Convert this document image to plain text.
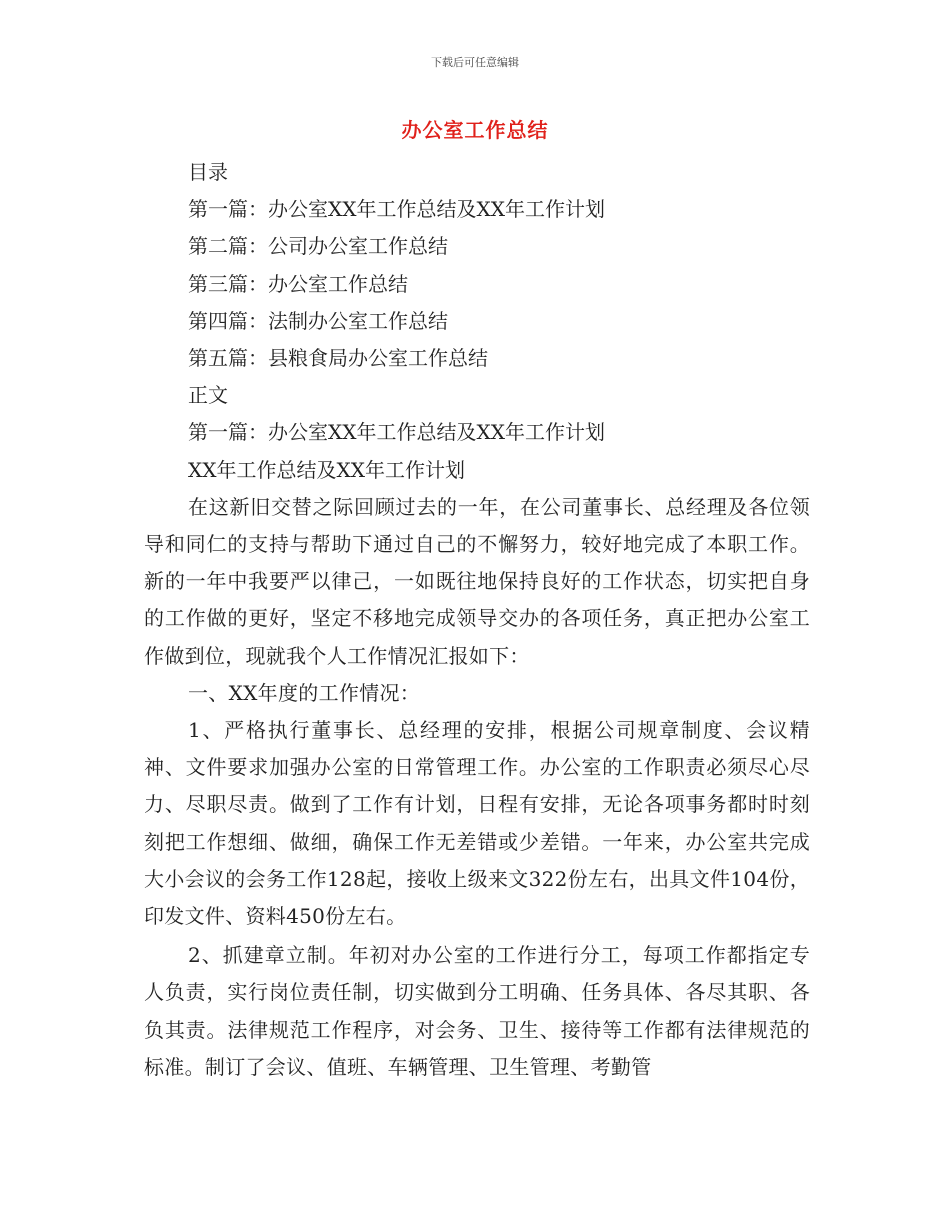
下载后可任意编辑
办公室工作总结
目录
第一篇：办公室XX年工作总结及XX年工作计划
第二篇：公司办公室工作总结
第三篇：办公室工作总结
第四篇：法制办公室工作总结
第五篇：县粮食局办公室工作总结
正文
第一篇：办公室XX年工作总结及XX年工作计划
XX年工作总结及XX年工作计划
在这新旧交替之际回顾过去的一年，在公司董事长、总经理及各位领导和同仁的支持与帮助下通过自己的不懈努力，较好地完成了本职工作。新的一年中我要严以律己，一如既往地保持良好的工作状态，切实把自身的工作做的更好，坚定不移地完成领导交办的各项任务，真正把办公室工作做到位，现就我个人工作情况汇报如下：
一、XX年度的工作情况：
1、严格执行董事长、总经理的安排，根据公司规章制度、会议精神、文件要求加强办公室的日常管理工作。办公室的工作职责必须尽心尽力、尽职尽责。做到了工作有计划，日程有安排，无论各项事务都时时刻刻把工作想细、做细，确保工作无差错或少差错。一年来，办公室共完成大小会议的会务工作128起，接收上级来文322份左右，出具文件104份，印发文件、资料450份左右。
2、抓建章立制。年初对办公室的工作进行分工，每项工作都指定专人负责，实行岗位责任制，切实做到分工明确、任务具体、各尽其职、各负其责。法律规范工作程序，对会务、卫生、接待等工作都有法律规范的标准。制订了会议、值班、车辆管理、卫生管理、考勤管
